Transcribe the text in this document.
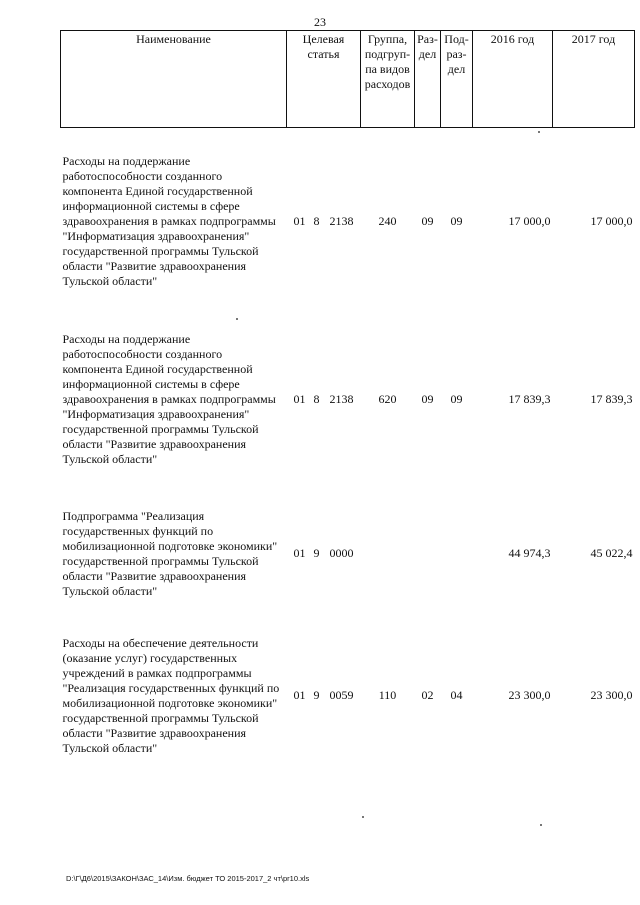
23
Наименование	Целевая статья	Группа, подгруп-па видов расходов	Раз-дел	Под-раз-дел	2016 год	2017 год
Расходы на поддержание работоспособности созданного компонента Единой государственной информационной системы в сфере здравоохранения в рамках подпрограммы "Информатизация здравоохранения" государственной программы Тульской области "Развитие здравоохранения Тульской области"	01 8 2138	240	09	09	17 000,0	17 000,0
Расходы на поддержание работоспособности созданного компонента Единой государственной информационной системы в сфере здравоохранения в рамках подпрограммы "Информатизация здравоохранения" государственной программы Тульской области "Развитие здравоохранения Тульской области"	01 8 2138	620	09	09	17 839,3	17 839,3
Подпрограмма "Реализация государственных функций по мобилизационной подготовке экономики" государственной программы Тульской области "Развитие здравоохранения Тульской области"	01 9 0000				44 974,3	45 022,4
Расходы на обеспечение деятельности (оказание услуг) государственных учреждений в рамках подпрограммы "Реализация государственных функций по мобилизационной подготовке экономики" государственной программы Тульской области "Развитие здравоохранения Тульской области"	01 9 0059	110	02	04	23 300,0	23 300,0
D:\Г\Д6\2015\ЗАКОН\ЗАС_14\Изм. бюджет ТО 2015-2017_2 чт\pr10.xls
